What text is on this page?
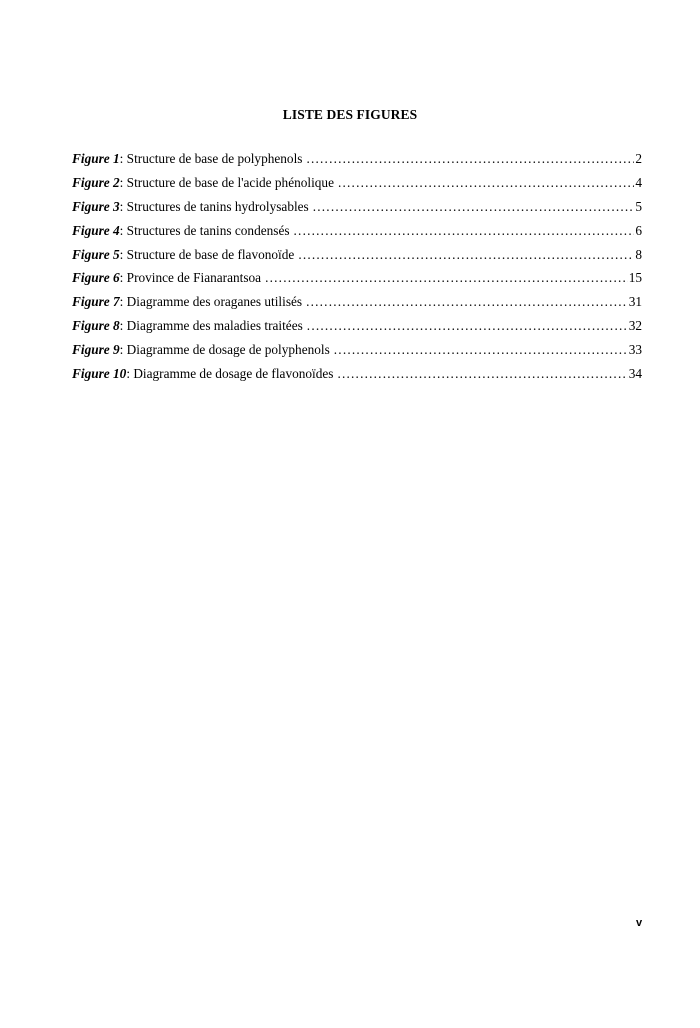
LISTE DES FIGURES
Figure 1 : Structure de base de polyphenols .....	2
Figure 2 : Structure de base de l'acide phénolique .....	4
Figure 3 : Structures de tanins hydrolysables .....	5
Figure 4 : Structures de tanins condensés .....	6
Figure 5 : Structure de base de flavonoïde .....	8
Figure 6 : Province de Fianarantsoa .....	15
Figure 7 : Diagramme des oraganes utilisés .....	31
Figure 8 : Diagramme des maladies traitées .....	32
Figure 9 : Diagramme de dosage de polyphenols .....	33
Figure 10 : Diagramme de dosage de flavonoïdes .....	34
v
